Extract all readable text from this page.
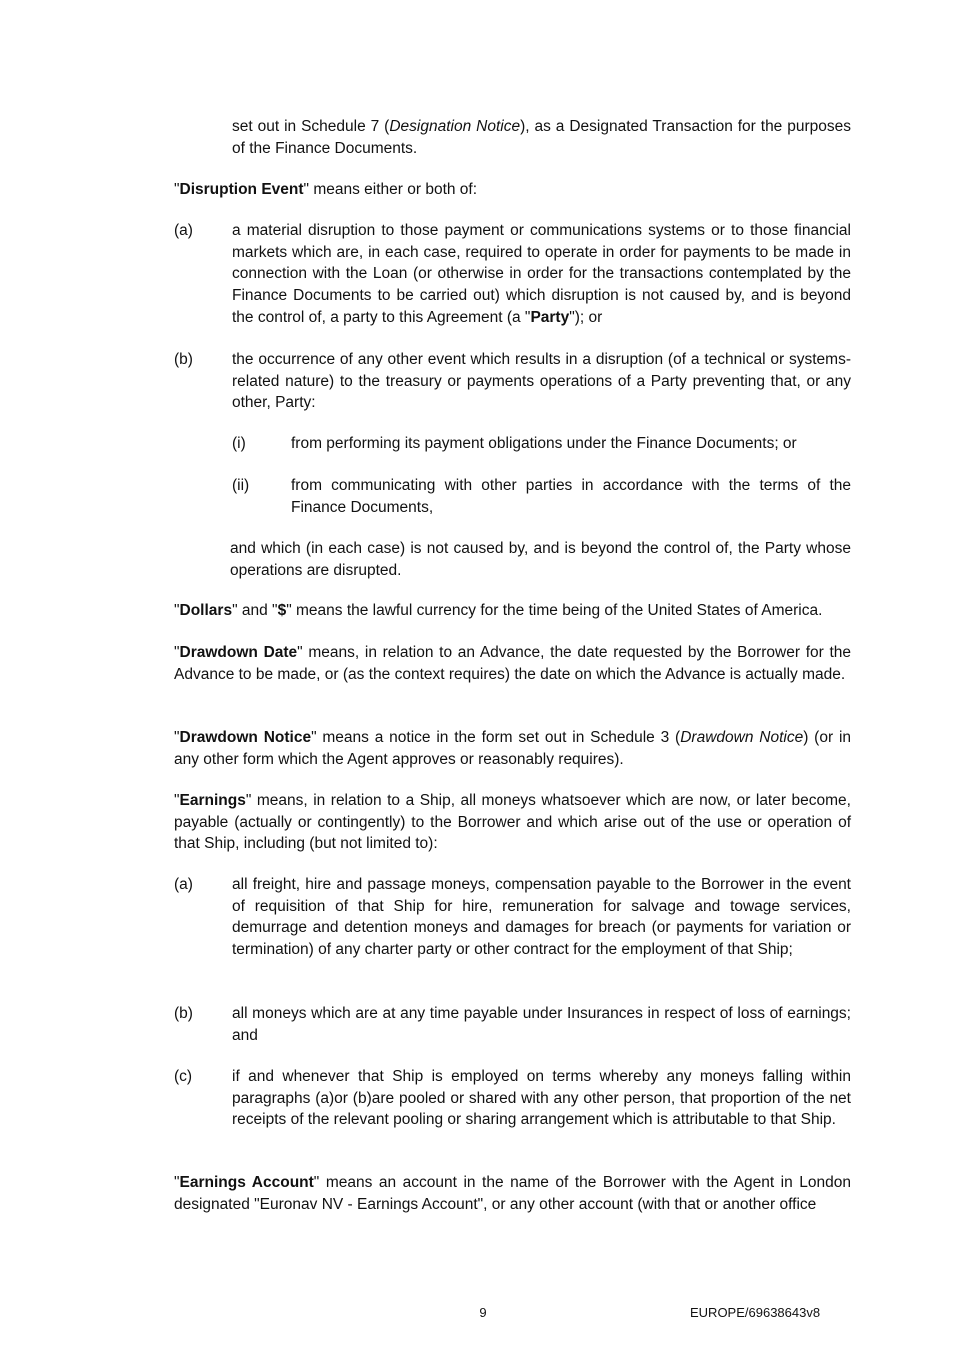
set out in Schedule 7 (Designation Notice), as a Designated Transaction for the purposes of the Finance Documents.
"Disruption Event" means either or both of:
(a)	a material disruption to those payment or communications systems or to those financial markets which are, in each case, required to operate in order for payments to be made in connection with the Loan (or otherwise in order for the transactions contemplated by the Finance Documents to be carried out) which disruption is not caused by, and is beyond the control of, a party to this Agreement (a "Party"); or
(b)	the occurrence of any other event which results in a disruption (of a technical or systems-related nature) to the treasury or payments operations of a Party preventing that, or any other, Party:
(i)	from performing its payment obligations under the Finance Documents; or
(ii)	from communicating with other parties in accordance with the terms of the Finance Documents,
and which (in each case) is not caused by, and is beyond the control of, the Party whose operations are disrupted.
"Dollars" and "$" means the lawful currency for the time being of the United States of America.
"Drawdown Date" means, in relation to an Advance, the date requested by the Borrower for the Advance to be made, or (as the context requires) the date on which the Advance is actually made.
"Drawdown Notice" means a notice in the form set out in Schedule 3 (Drawdown Notice) (or in any other form which the Agent approves or reasonably requires).
"Earnings" means, in relation to a Ship, all moneys whatsoever which are now, or later become, payable (actually or contingently) to the Borrower and which arise out of the use or operation of that Ship, including (but not limited to):
(a)	all freight, hire and passage moneys, compensation payable to the Borrower in the event of requisition of that Ship for hire, remuneration for salvage and towage services, demurrage and detention moneys and damages for breach (or payments for variation or termination) of any charter party or other contract for the employment of that Ship;
(b)	all moneys which are at any time payable under Insurances in respect of loss of earnings; and
(c)	if and whenever that Ship is employed on terms whereby any moneys falling within paragraphs (a)or (b)are pooled or shared with any other person, that proportion of the net receipts of the relevant pooling or sharing arrangement which is attributable to that Ship.
"Earnings Account" means an account in the name of the Borrower with the Agent in London designated "Euronav NV - Earnings Account", or any other account (with that or another office
9	EUROPE/69638643v8
